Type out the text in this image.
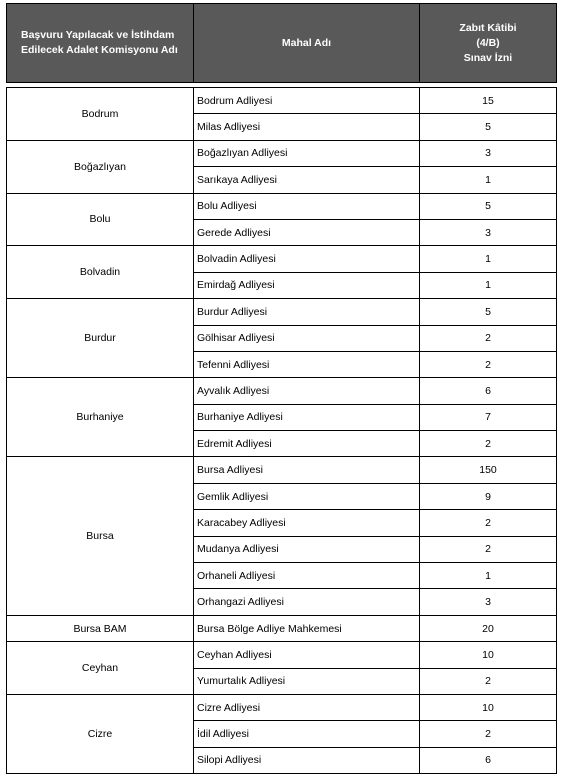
Başvuru Yapılacak ve İstihdam
Edilecek Adalet Komisyonu Adı	Mahal Adı	Zabıt Kâtibi
(4/B)
Sınav İzni

Bodrum	Bodrum Adliyesi	15
	Milas Adliyesi	5
Boğazlıyan	Boğazlıyan Adliyesi	3
	Sarıkaya Adliyesi	1
Bolu	Bolu Adliyesi	5
	Gerede Adliyesi	3
Bolvadin	Bolvadin Adliyesi	1
	Emirdağ Adliyesi	1
Burdur	Burdur Adliyesi	5
	Gölhisar Adliyesi	2
	Tefenni Adliyesi	2
Burhaniye	Ayvalık Adliyesi	6
	Burhaniye Adliyesi	7
	Edremit Adliyesi	2
Bursa	Bursa Adliyesi	150
	Gemlik Adliyesi	9
	Karacabey Adliyesi	2
	Mudanya Adliyesi	2
	Orhaneli Adliyesi	1
	Orhangazi Adliyesi	3
Bursa BAM	Bursa Bölge Adliye Mahkemesi	20
Ceyhan	Ceyhan Adliyesi	10
	Yumurtalık Adliyesi	2
Cizre	Cizre Adliyesi	10
	İdil Adliyesi	2
	Silopi Adliyesi	6
